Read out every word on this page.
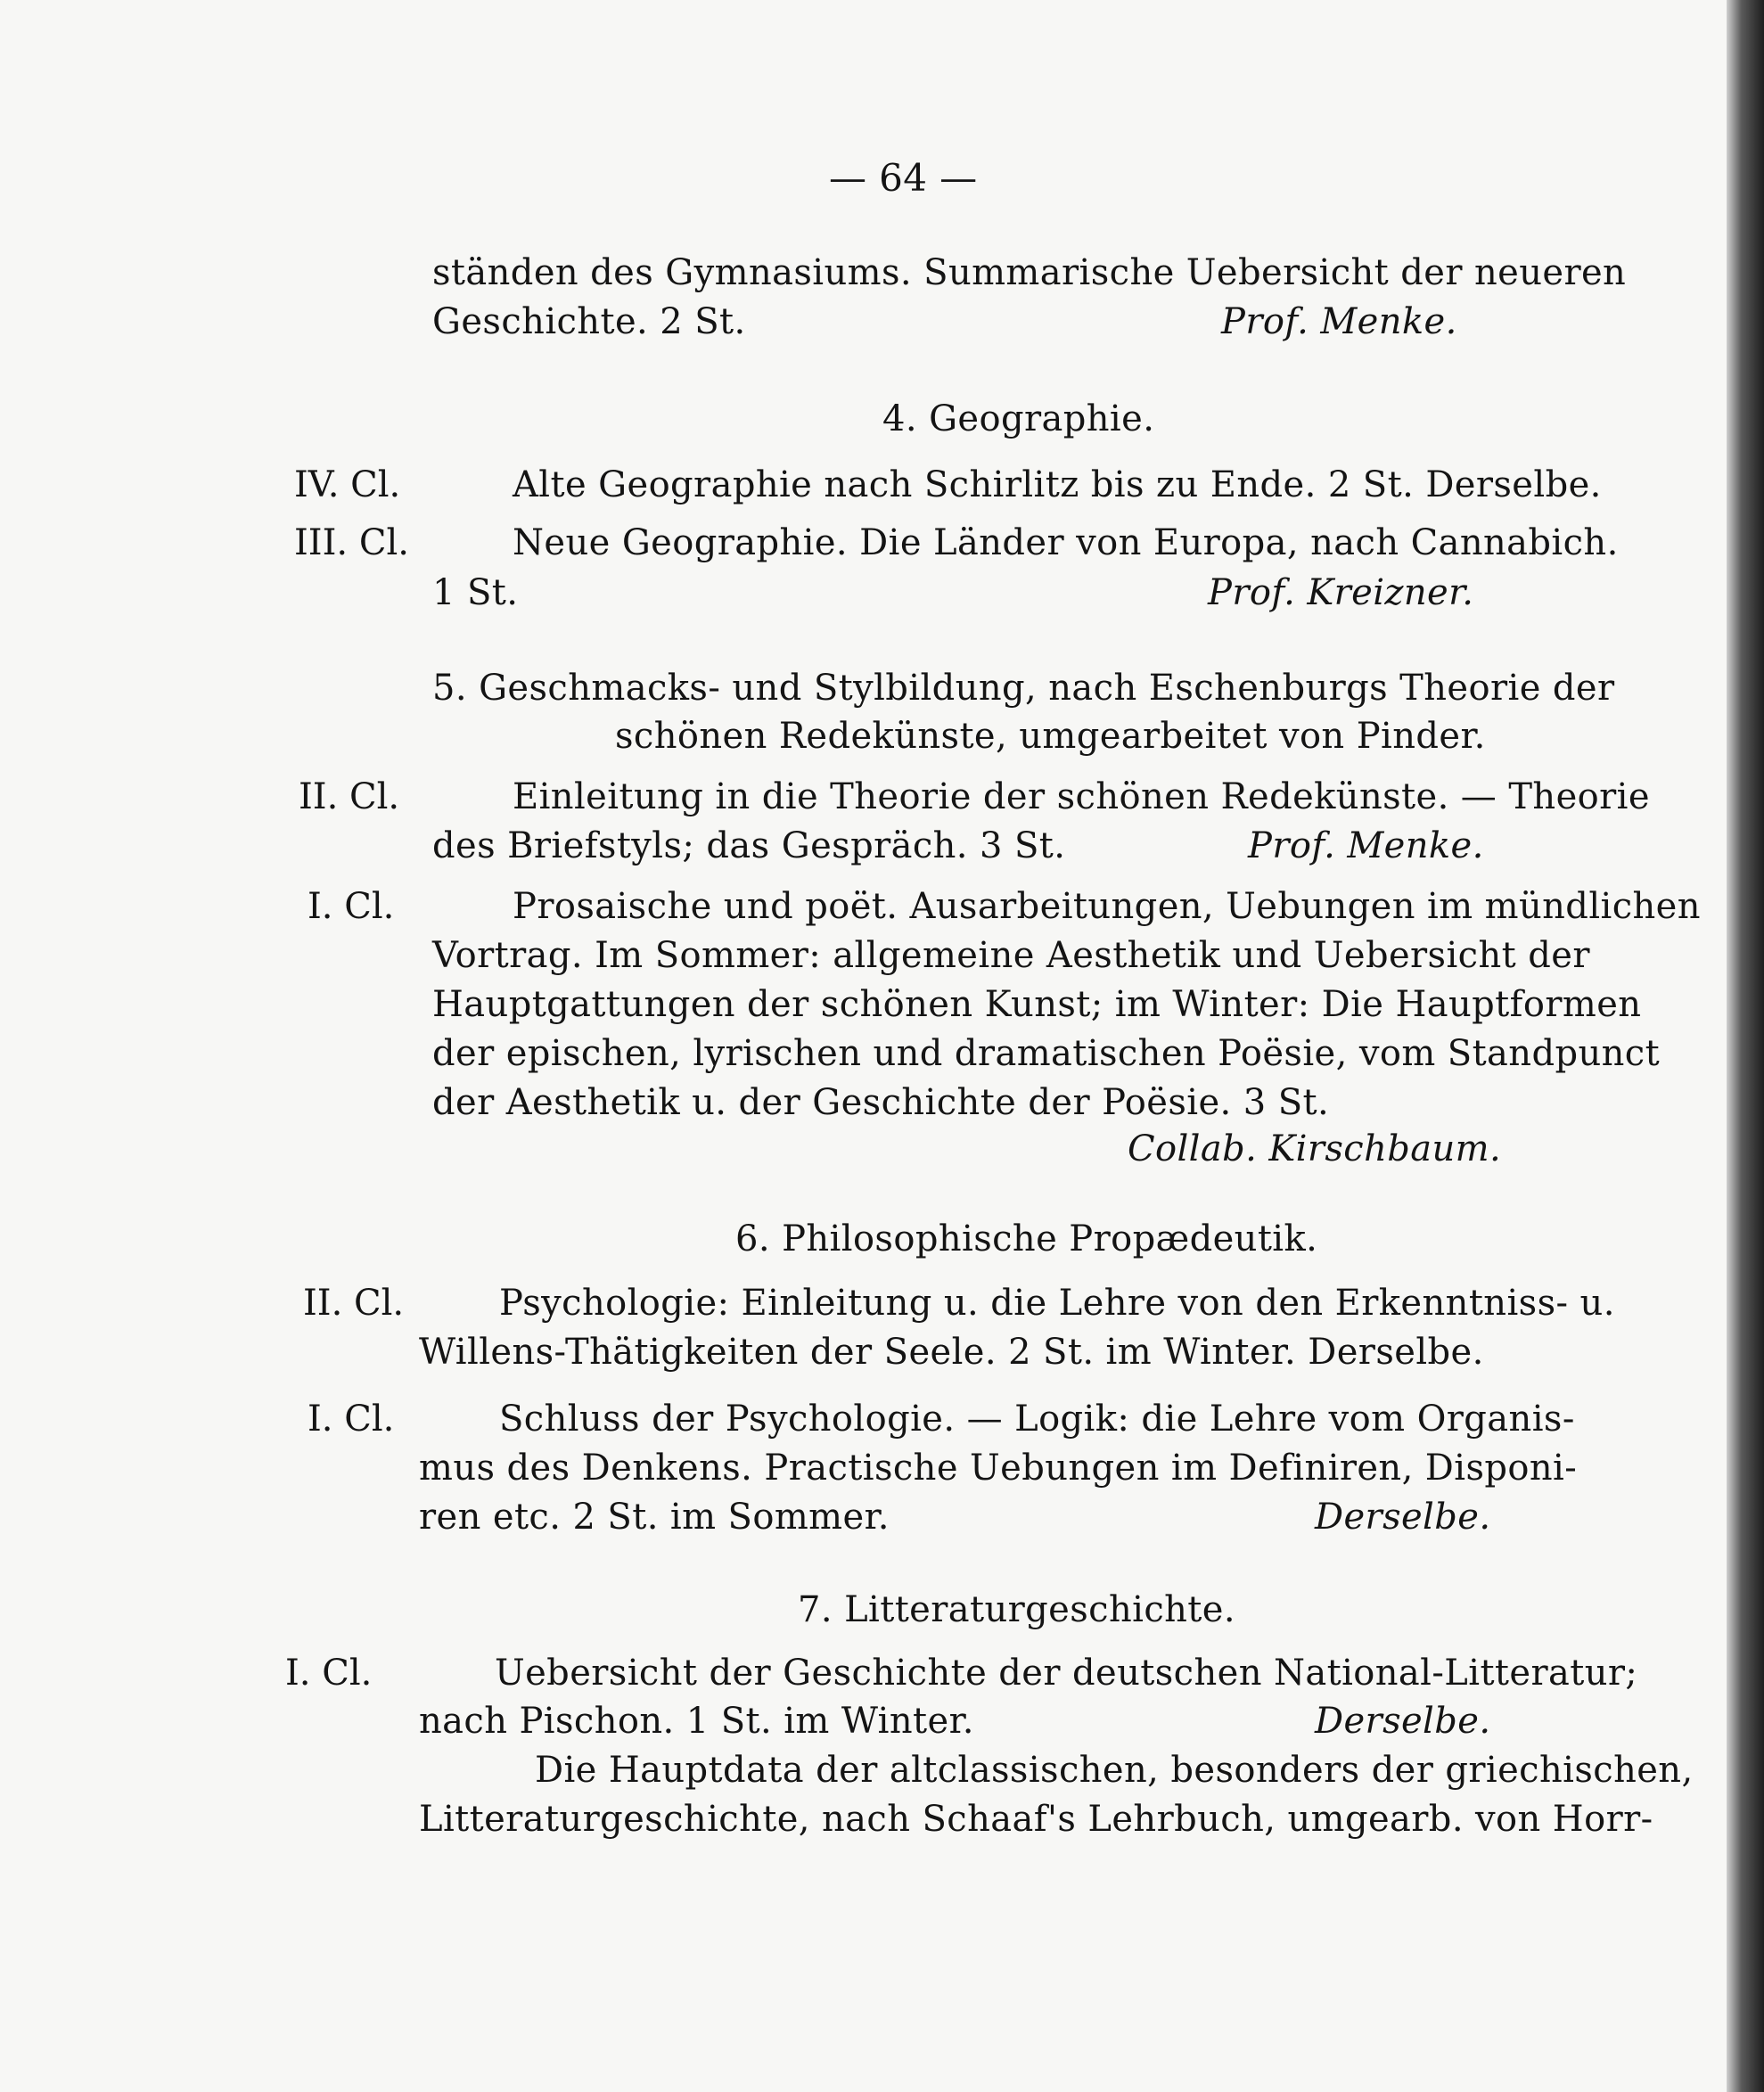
— 64 —
ständen des Gymnasiums. Summarische Uebersicht der neueren
Geschichte. 2 St.	Prof. Menke.
4. Geographie.
IV. Cl.	Alte Geographie nach Schirlitz bis zu Ende. 2 St. Derselbe.
III. Cl.	Neue Geographie. Die Länder von Europa, nach Cannabich.
1 St.	Prof. Kreizner.
5. Geschmacks- und Stylbildung, nach Eschenburgs Theorie der
schönen Redekünste, umgearbeitet von Pinder.
II. Cl.	Einleitung in die Theorie der schönen Redekünste. — Theorie
des Briefstyls; das Gespräch. 3 St.	Prof. Menke.
I. Cl.	Prosaische und poët. Ausarbeitungen, Uebungen im mündlichen
Vortrag. Im Sommer: allgemeine Aesthetik und Uebersicht der
Hauptgattungen der schönen Kunst; im Winter: Die Hauptformen
der epischen, lyrischen und dramatischen Poësie, vom Standpunct
der Aesthetik u. der Geschichte der Poësie. 3 St.
Collab. Kirschbaum.
6. Philosophische Propædeutik.
II. Cl.	Psychologie: Einleitung u. die Lehre von den Erkenntniss- u.
Willens-Thätigkeiten der Seele. 2 St. im Winter. Derselbe.
I. Cl.	Schluss der Psychologie. — Logik: die Lehre vom Organis-
mus des Denkens. Practische Uebungen im Definiren, Disponi-
ren etc. 2 St. im Sommer.	Derselbe.
7. Litteraturgeschichte.
I. Cl.	Uebersicht der Geschichte der deutschen National-Litteratur;
nach Pischon. 1 St. im Winter.	Derselbe.
Die Hauptdata der altclassischen, besonders der griechischen,
Litteraturgeschichte, nach Schaaf's Lehrbuch, umgearb. von Horr-
